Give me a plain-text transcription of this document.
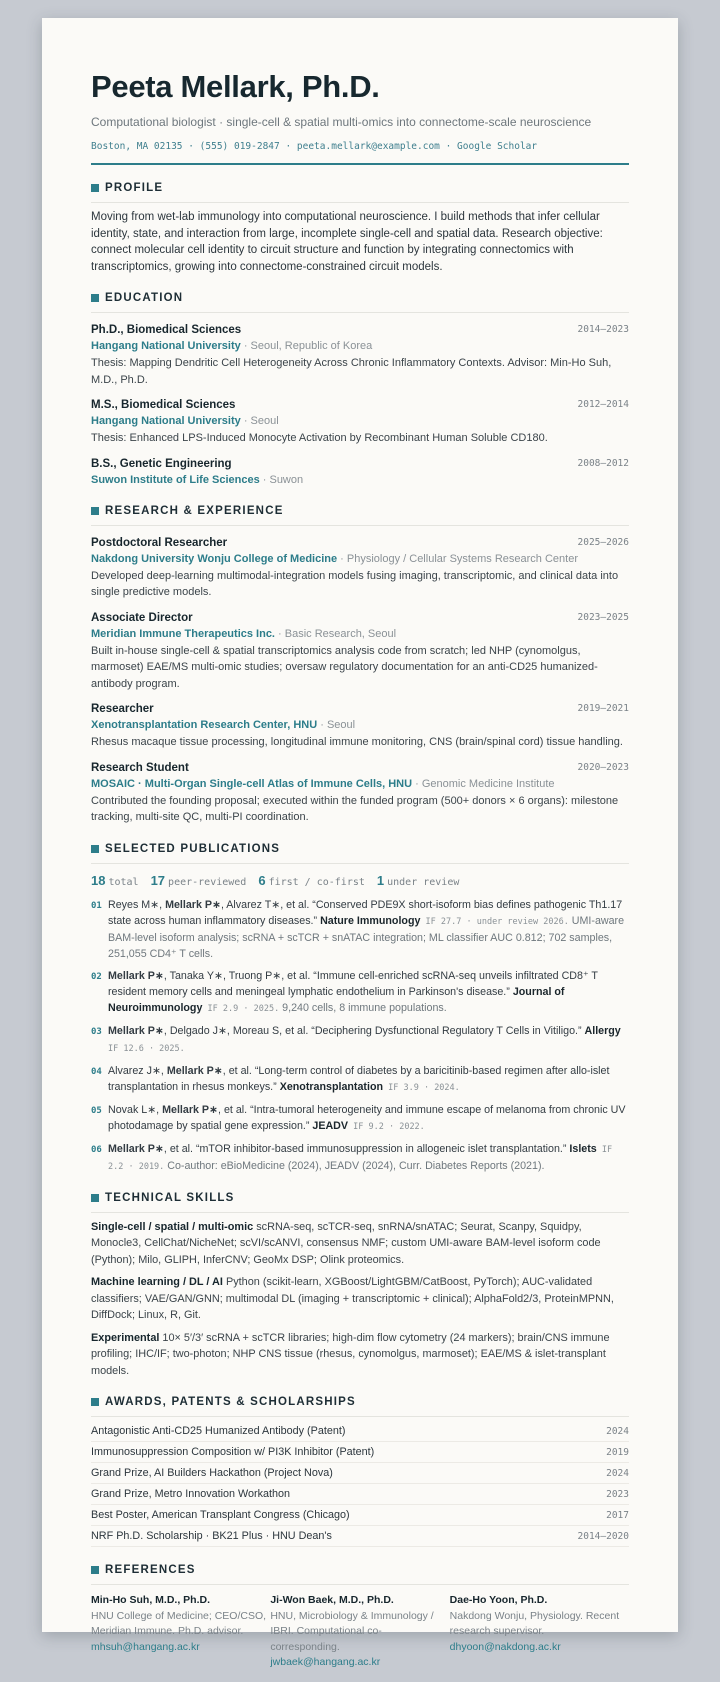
Peeta Mellark, Ph.D.
Computational biologist · single-cell & spatial multi-omics into connectome-scale neuroscience
Boston, MA 02135 · (555) 019-2847 · peeta.mellark@example.com · Google Scholar
PROFILE
Moving from wet-lab immunology into computational neuroscience. I build methods that infer cellular identity, state, and interaction from large, incomplete single-cell and spatial data. Research objective: connect molecular cell identity to circuit structure and function by integrating connectomics with transcriptomics, growing into connectome-constrained circuit models.
EDUCATION
Ph.D., Biomedical Sciences	2014–2023
Hangang National University · Seoul, Republic of Korea
Thesis: Mapping Dendritic Cell Heterogeneity Across Chronic Inflammatory Contexts. Advisor: Min-Ho Suh, M.D., Ph.D.
M.S., Biomedical Sciences	2012–2014
Hangang National University · Seoul
Thesis: Enhanced LPS-Induced Monocyte Activation by Recombinant Human Soluble CD180.
B.S., Genetic Engineering	2008–2012
Suwon Institute of Life Sciences · Suwon
RESEARCH & EXPERIENCE
Postdoctoral Researcher	2025–2026
Nakdong University Wonju College of Medicine · Physiology / Cellular Systems Research Center
Developed deep-learning multimodal-integration models fusing imaging, transcriptomic, and clinical data into single predictive models.
Associate Director	2023–2025
Meridian Immune Therapeutics Inc. · Basic Research, Seoul
Built in-house single-cell & spatial transcriptomics analysis code from scratch; led NHP (cynomolgus, marmoset) EAE/MS multi-omic studies; oversaw regulatory documentation for an anti-CD25 humanized-antibody program.
Researcher	2019–2021
Xenotransplantation Research Center, HNU · Seoul
Rhesus macaque tissue processing, longitudinal immune monitoring, CNS (brain/spinal cord) tissue handling.
Research Student	2020–2023
MOSAIC · Multi-Organ Single-cell Atlas of Immune Cells, HNU · Genomic Medicine Institute
Contributed the founding proposal; executed within the funded program (500+ donors × 6 organs): milestone tracking, multi-site QC, multi-PI coordination.
SELECTED PUBLICATIONS
18 total 17 peer-reviewed 6 first / co-first 1 under review
01 Reyes M∗, Mellark P∗, Alvarez T∗, et al. “Conserved PDE9X short-isoform bias defines pathogenic Th1.17 state across human inflammatory diseases.” Nature Immunology IF 27.7 · under review 2026. UMI-aware BAM-level isoform analysis; scRNA + scTCR + snATAC integration; ML classifier AUC 0.812; 702 samples, 251,055 CD4⁺ T cells.
02 Mellark P∗, Tanaka Y∗, Truong P∗, et al. “Immune cell-enriched scRNA-seq unveils infiltrated CD8⁺ T resident memory cells and meningeal lymphatic endothelium in Parkinson's disease.” Journal of Neuroimmunology IF 2.9 · 2025. 9,240 cells, 8 immune populations.
03 Mellark P∗, Delgado J∗, Moreau S, et al. “Deciphering Dysfunctional Regulatory T Cells in Vitiligo.” Allergy IF 12.6 · 2025.
04 Alvarez J∗, Mellark P∗, et al. “Long-term control of diabetes by a baricitinib-based regimen after allo-islet transplantation in rhesus monkeys.” Xenotransplantation IF 3.9 · 2024.
05 Novak L∗, Mellark P∗, et al. “Intra-tumoral heterogeneity and immune escape of melanoma from chronic UV photodamage by spatial gene expression.” JEADV IF 9.2 · 2022.
06 Mellark P∗, et al. “mTOR inhibitor-based immunosuppression in allogeneic islet transplantation.” Islets IF 2.2 · 2019. Co-author: eBioMedicine (2024), JEADV (2024), Curr. Diabetes Reports (2021).
TECHNICAL SKILLS
Single-cell / spatial / multi-omic scRNA-seq, scTCR-seq, snRNA/snATAC; Seurat, Scanpy, Squidpy, Monocle3, CellChat/NicheNet; scVI/scANVI, consensus NMF; custom UMI-aware BAM-level isoform code (Python); Milo, GLIPH, InferCNV; GeoMx DSP; Olink proteomics.
Machine learning / DL / AI Python (scikit-learn, XGBoost/LightGBM/CatBoost, PyTorch); AUC-validated classifiers; VAE/GAN/GNN; multimodal DL (imaging + transcriptomic + clinical); AlphaFold2/3, ProteinMPNN, DiffDock; Linux, R, Git.
Experimental 10× 5′/3′ scRNA + scTCR libraries; high-dim flow cytometry (24 markers); brain/CNS immune profiling; IHC/IF; two-photon; NHP CNS tissue (rhesus, cynomolgus, marmoset); EAE/MS & islet-transplant models.
AWARDS, PATENTS & SCHOLARSHIPS
Antagonistic Anti-CD25 Humanized Antibody (Patent)	2024
Immunosuppression Composition w/ PI3K Inhibitor (Patent)	2019
Grand Prize, AI Builders Hackathon (Project Nova)	2024
Grand Prize, Metro Innovation Workathon	2023
Best Poster, American Transplant Congress (Chicago)	2017
NRF Ph.D. Scholarship · BK21 Plus · HNU Dean's	2014–2020
REFERENCES
Min-Ho Suh, M.D., Ph.D.
HNU College of Medicine; CEO/CSO, Meridian Immune. Ph.D. advisor.
mhsuh@hangang.ac.kr
Ji-Won Baek, M.D., Ph.D.
HNU, Microbiology & Immunology / IBRI. Computational co-corresponding.
jwbaek@hangang.ac.kr
Dae-Ho Yoon, Ph.D.
Nakdong Wonju, Physiology. Recent research supervisor.
dhyoon@nakdong.ac.kr
